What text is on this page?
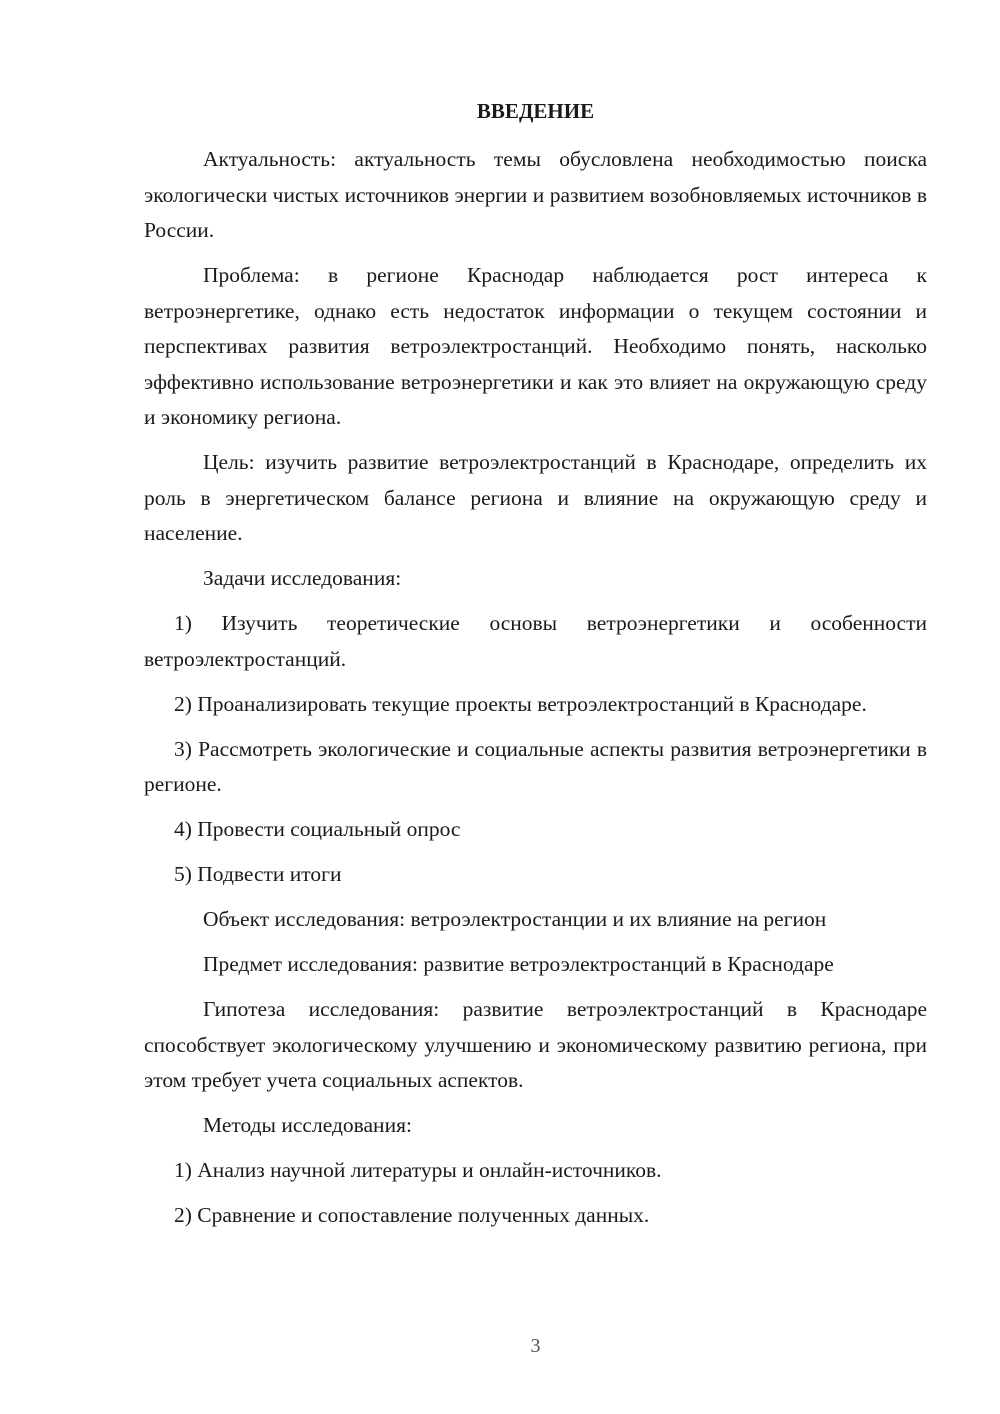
ВВЕДЕНИЕ

Актуальность: актуальность темы обусловлена необходимостью поиска экологически чистых источников энергии и развитием возобновляемых источников в России.

Проблема: в регионе Краснодар наблюдается рост интереса к ветроэнергетике, однако есть недостаток информации о текущем состоянии и перспективах развития ветроэлектростанций. Необходимо понять, насколько эффективно использование ветроэнергетики и как это влияет на окружающую среду и экономику региона.

Цель: изучить развитие ветроэлектростанций в Краснодаре, определить их роль в энергетическом балансе региона и влияние на окружающую среду и население.

Задачи исследования:

1) Изучить теоретические основы ветроэнергетики и особенности ветроэлектростанций.

2) Проанализировать текущие проекты ветроэлектростанций в Краснодаре.

3) Рассмотреть экологические и социальные аспекты развития ветроэнергетики в регионе.

4) Провести социальный опрос

5) Подвести итоги

Объект исследования: ветроэлектростанции и их влияние на регион

Предмет исследования: развитие ветроэлектростанций в Краснодаре

Гипотеза исследования: развитие ветроэлектростанций в Краснодаре способствует экологическому улучшению и экономическому развитию региона, при этом требует учета социальных аспектов.

Методы исследования:

1) Анализ научной литературы и онлайн-источников.

2) Сравнение и сопоставление полученных данных.

3
